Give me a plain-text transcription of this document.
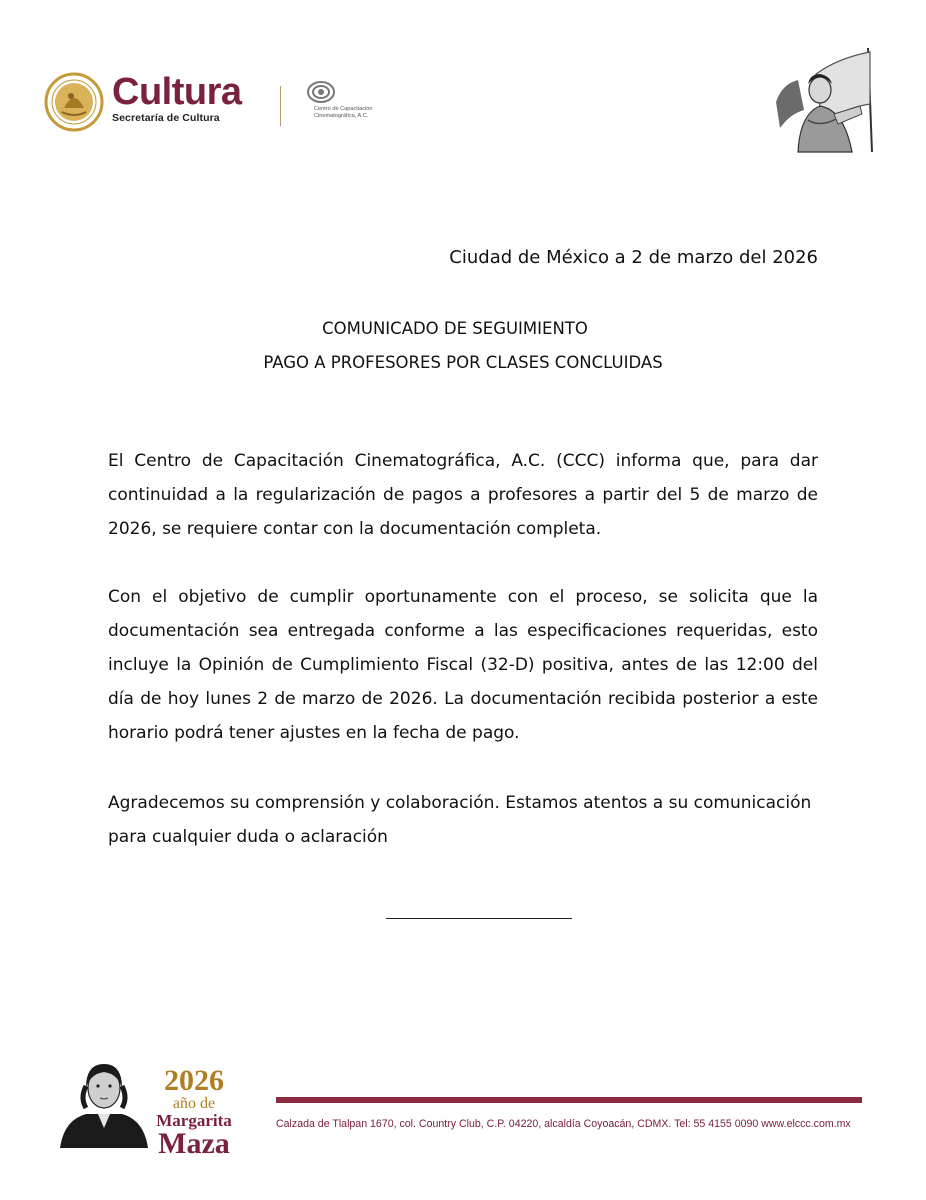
Cultura
Secretaría de Cultura
Centro de Capacitación
Cinematográfica, A.C.
Ciudad de México a 2 de marzo del 2026
COMUNICADO DE SEGUIMIENTO
PAGO A PROFESORES POR CLASES CONCLUIDAS

El Centro de Capacitación Cinematográfica, A.C. (CCC) informa que, para dar continuidad a la regularización de pagos a profesores a partir del 5 de marzo de 2026, se requiere contar con la documentación completa.

Con el objetivo de cumplir oportunamente con el proceso, se solicita que la documentación sea entregada conforme a las especificaciones requeridas, esto incluye la Opinión de Cumplimiento Fiscal (32-D) positiva, antes de las 12:00 del día de hoy lunes 2 de marzo de 2026. La documentación recibida posterior a este horario podrá tener ajustes en la fecha de pago.

Agradecemos su comprensión y colaboración. Estamos atentos a su comunicación para cualquier duda o aclaración

2026
año de
Margarita
Maza
Calzada de Tlalpan 1670, col. Country Club, C.P. 04220, alcaldía Coyoacán, CDMX. Tel: 55 4155 0090 www.elccc.com.mx
